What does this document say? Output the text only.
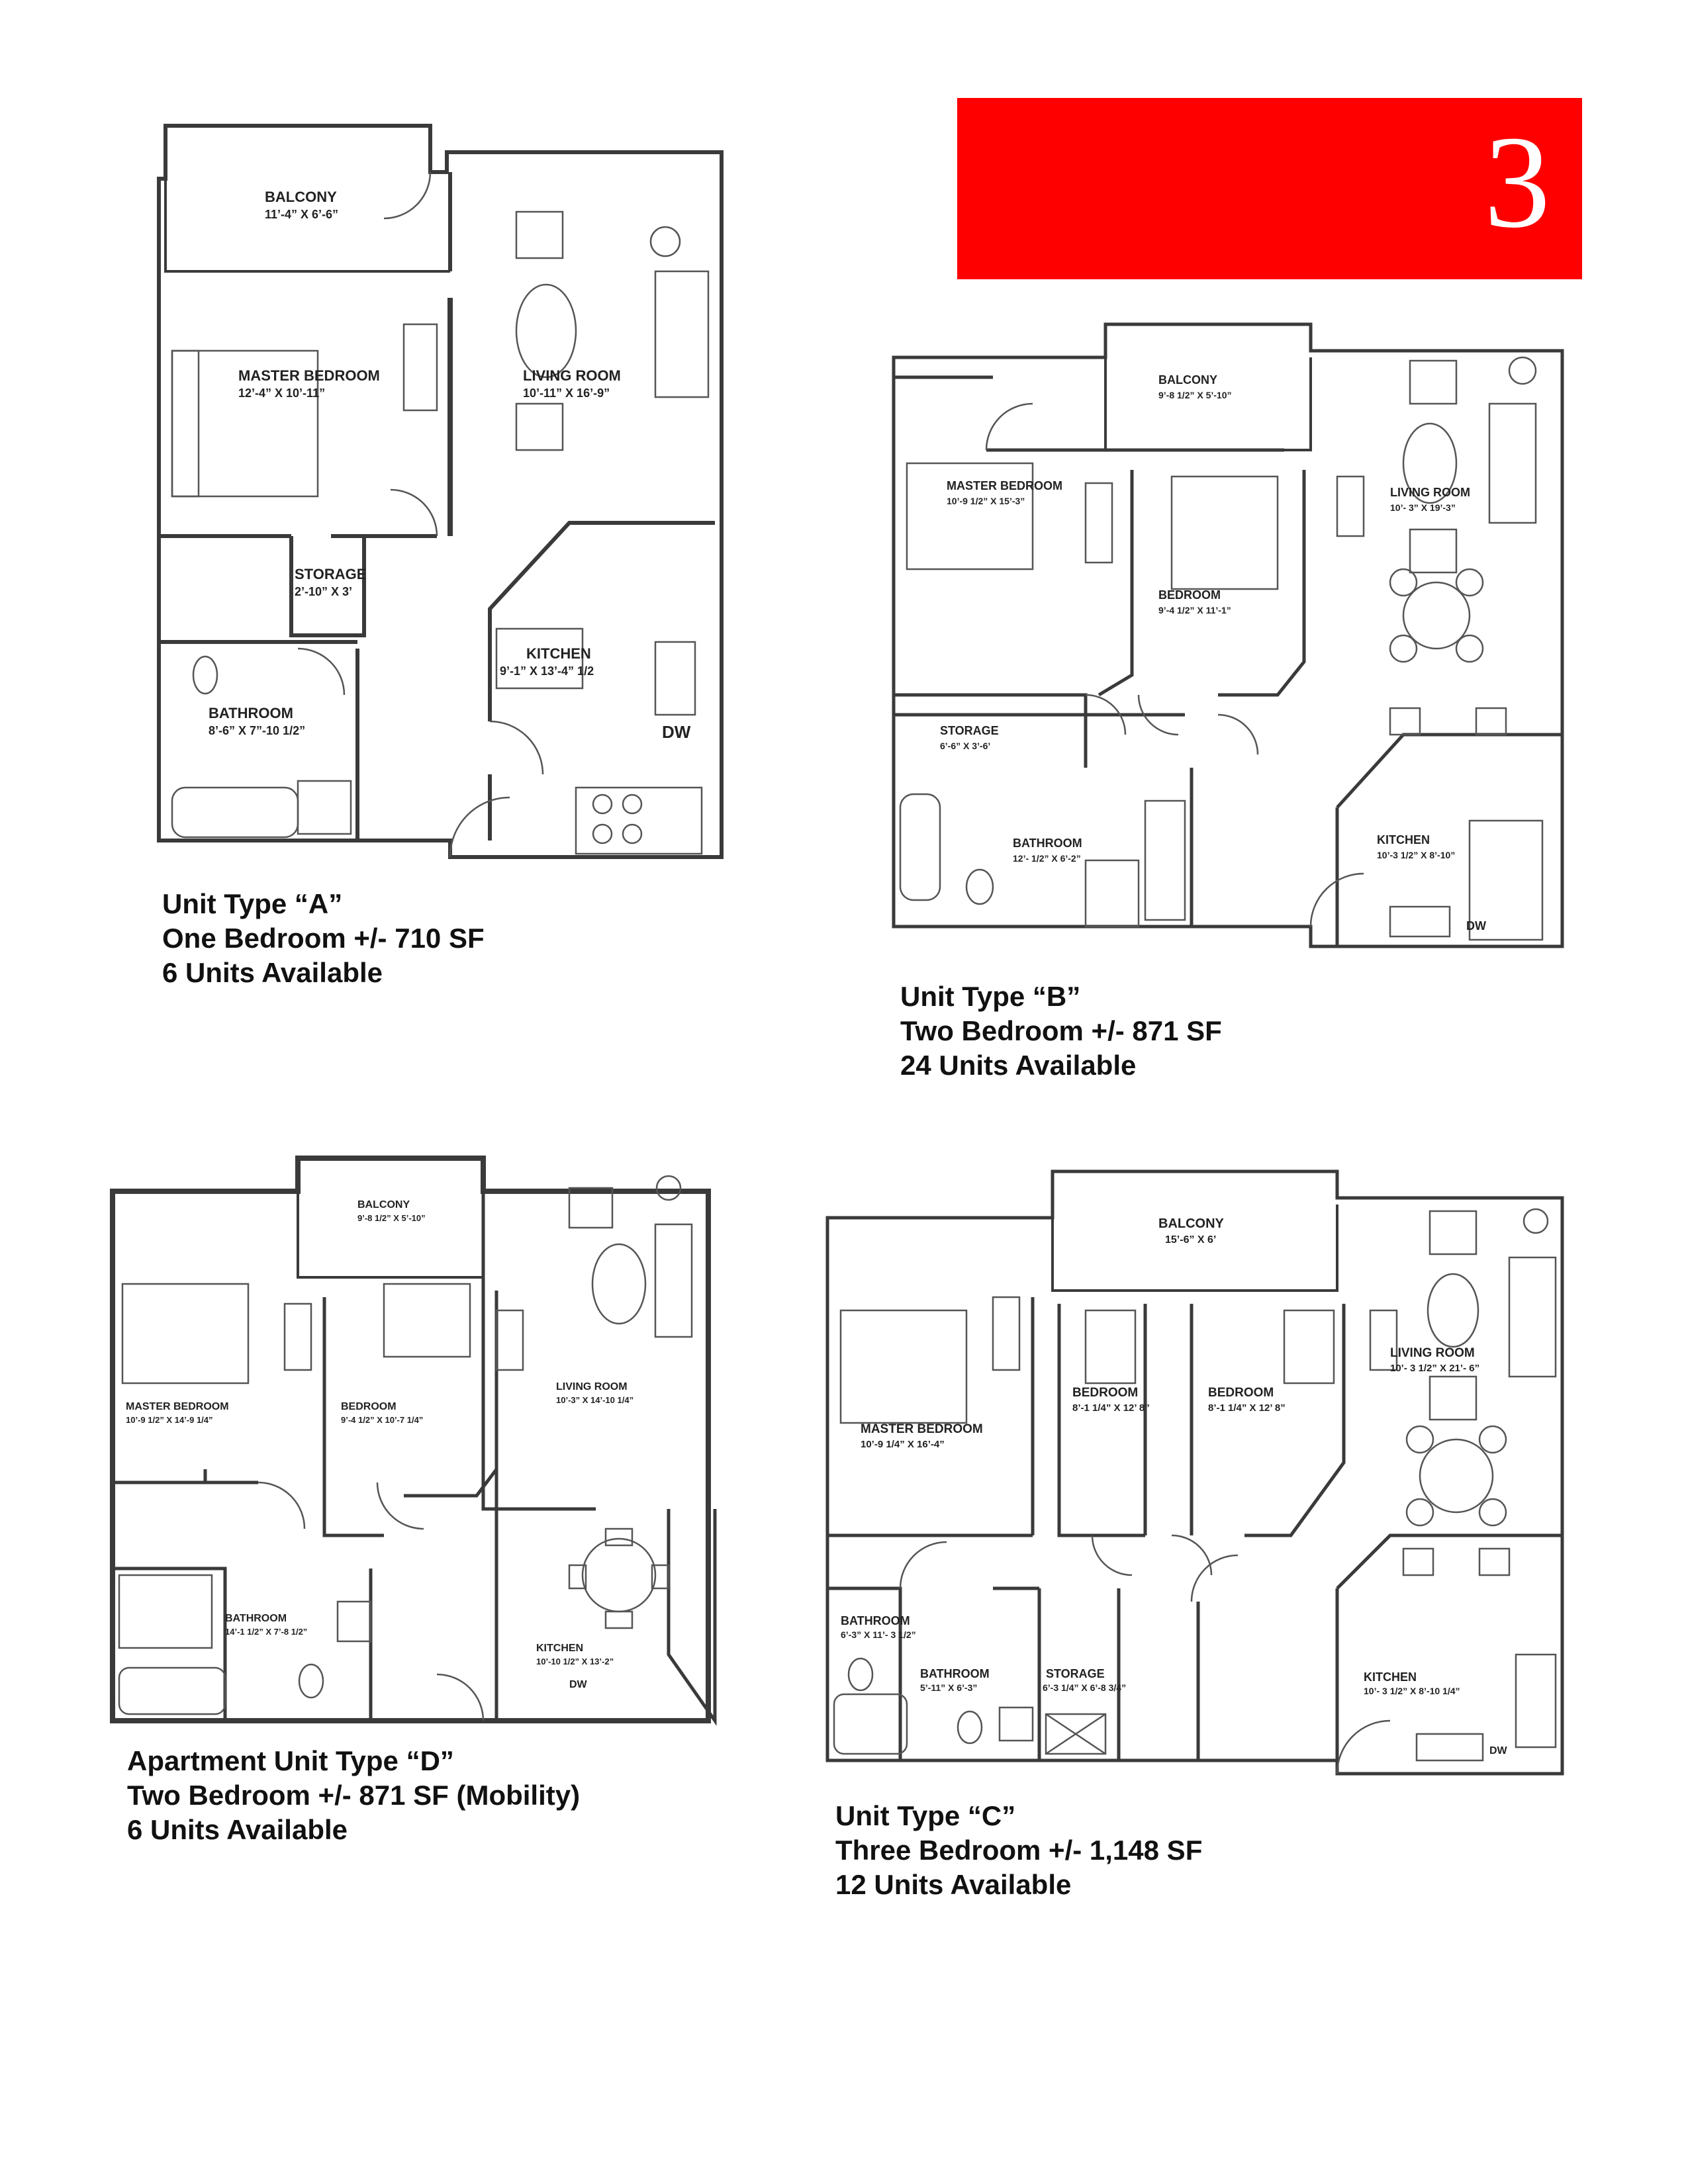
3
BALCONY
11’-4” X 6’-6”
MASTER BEDROOM
12’-4” X 10’-11”
LIVING ROOM
10’-11” X 16’-9”
STORAGE
2’-10” X 3’
KITCHEN
9’-1” X 13’-4” 1/2
BATHROOM
8’-6” X 7”-10 1/2”	DW
Unit Type “A”
One Bedroom +/- 710 SF
6 Units Available
BALCONY
9’-8 1/2” X 5’-10”
MASTER BEDROOM
10’-9 1/2” X 15’-3”
BEDROOM
9’-4 1/2” X 11’-1”
LIVING ROOM
10’- 3” X 19’-3”
STORAGE
6’-6” X 3’-6’
BATHROOM
12’- 1/2” X 6’-2”
KITCHEN
10’-3 1/2” X 8’-10”
DW
Unit Type “B”
Two Bedroom +/- 871 SF
24 Units Available
BALCONY
9’-8 1/2” X 5’-10”
LIVING ROOM
10’-3” X 14’-10 1/4”
MASTER BEDROOM
10’-9 1/2” X 14’-9 1/4”
BEDROOM
9’-4 1/2” X 10’-7 1/4”
BATHROOM
14’-1 1/2” X 7’-8 1/2”
KITCHEN
10’-10 1/2” X 13’-2”
DW
Apartment Unit Type “D”
Two Bedroom +/- 871 SF (Mobility)
6 Units Available
BALCONY
15’-6” X 6’
LIVING ROOM
10’- 3 1/2” X 21’- 6”
BEDROOM
8’-1 1/4” X 12’ 8”
BEDROOM
8’-1 1/4” X 12’ 8”
MASTER BEDROOM
10’-9 1/4” X 16’-4”
BATHROOM
6’-3” X 11’- 3 1/2”
BATHROOM
5’-11” X 6’-3”
STORAGE
6’-3 1/4” X 6’-8 3/4”
KITCHEN
10’- 3 1/2” X 8’-10 1/4”
DW
Unit Type “C”
Three Bedroom +/- 1,148 SF
12 Units Available
